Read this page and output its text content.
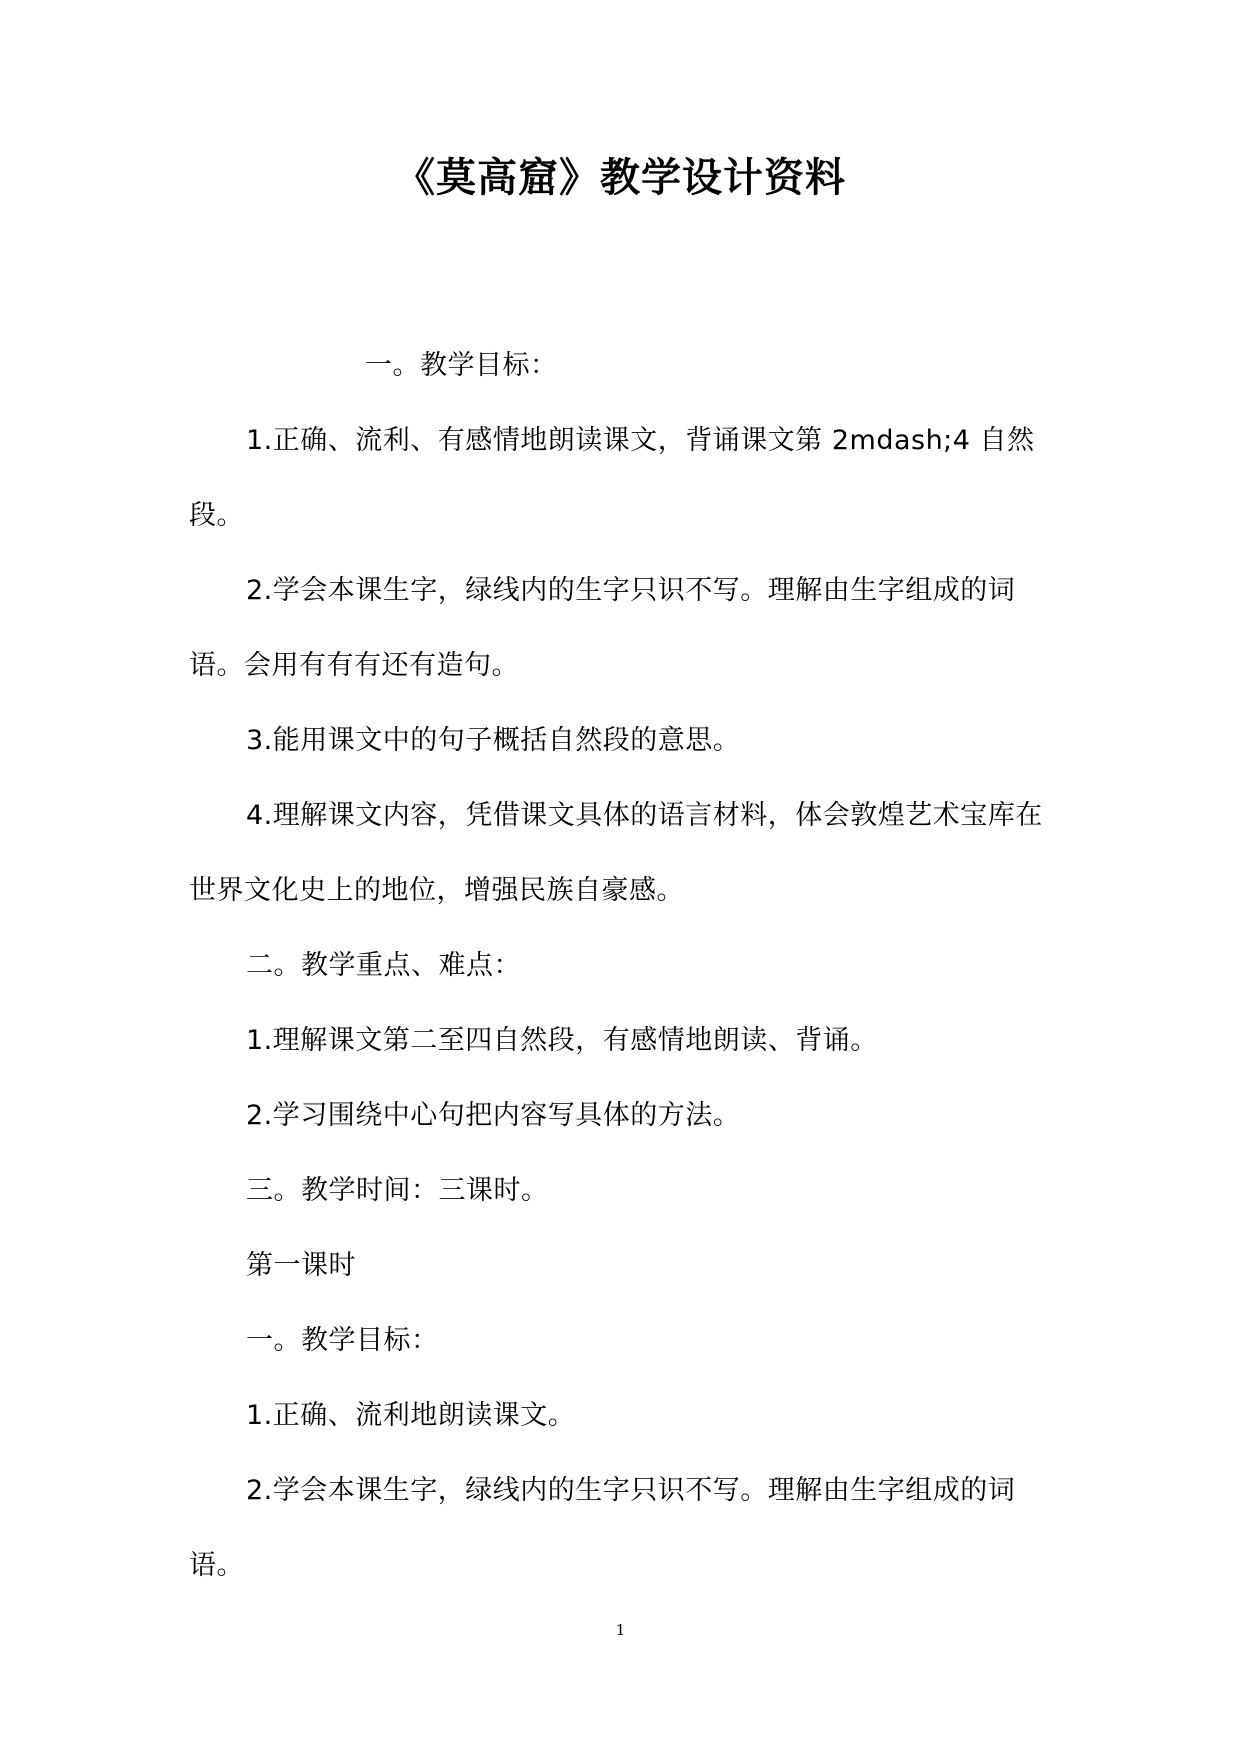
《莫高窟》教学设计资料

一。教学目标：

1.正确、流利、有感情地朗读课文，背诵课文第 2mdash;4 自然段。

2.学会本课生字，绿线内的生字只识不写。理解由生字组成的词语。会用有有有还有造句。

3.能用课文中的句子概括自然段的意思。

4.理解课文内容，凭借课文具体的语言材料，体会敦煌艺术宝库在世界文化史上的地位，增强民族自豪感。

二。教学重点、难点：

1.理解课文第二至四自然段，有感情地朗读、背诵。

2.学习围绕中心句把内容写具体的方法。

三。教学时间：三课时。

第一课时

一。教学目标：

1.正确、流利地朗读课文。

2.学会本课生字，绿线内的生字只识不写。理解由生字组成的词语。

1
